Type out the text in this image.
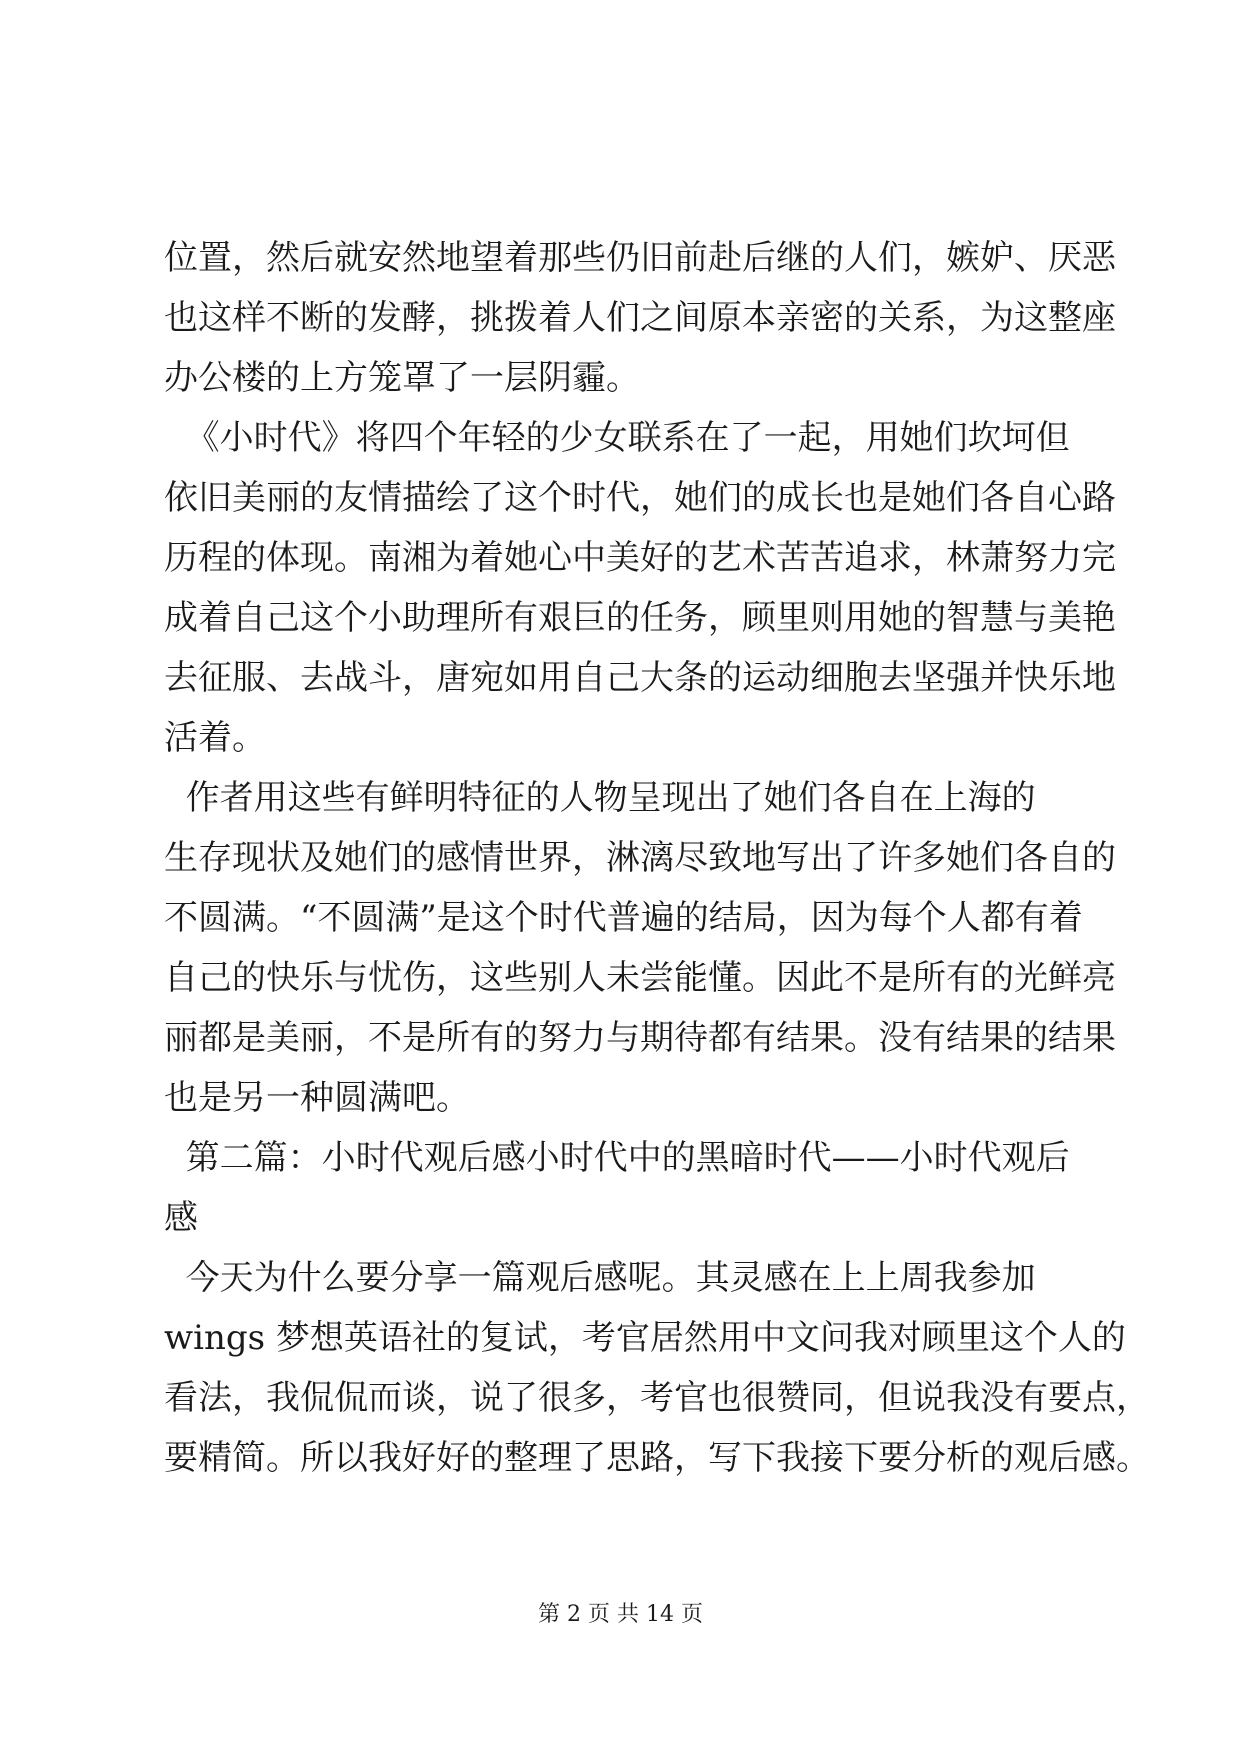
位置，然后就安然地望着那些仍旧前赴后继的人们，嫉妒、厌恶
也这样不断的发酵，挑拨着人们之间原本亲密的关系，为这整座
办公楼的上方笼罩了一层阴霾。
《小时代》将四个年轻的少女联系在了一起，用她们坎坷但
依旧美丽的友情描绘了这个时代，她们的成长也是她们各自心路
历程的体现。南湘为着她心中美好的艺术苦苦追求，林萧努力完
成着自己这个小助理所有艰巨的任务，顾里则用她的智慧与美艳
去征服、去战斗，唐宛如用自己大条的运动细胞去坚强并快乐地
活着。
作者用这些有鲜明特征的人物呈现出了她们各自在上海的
生存现状及她们的感情世界，淋漓尽致地写出了许多她们各自的
不圆满。“不圆满”是这个时代普遍的结局，因为每个人都有着
自己的快乐与忧伤，这些别人未尝能懂。因此不是所有的光鲜亮
丽都是美丽，不是所有的努力与期待都有结果。没有结果的结果
也是另一种圆满吧。
第二篇：小时代观后感小时代中的黑暗时代——小时代观后
感
今天为什么要分享一篇观后感呢。其灵感在上上周我参加
wings 梦想英语社的复试，考官居然用中文问我对顾里这个人的
看法，我侃侃而谈，说了很多，考官也很赞同，但说我没有要点，
要精简。所以我好好的整理了思路，写下我接下要分析的观后感。
第 2 页 共 14 页
